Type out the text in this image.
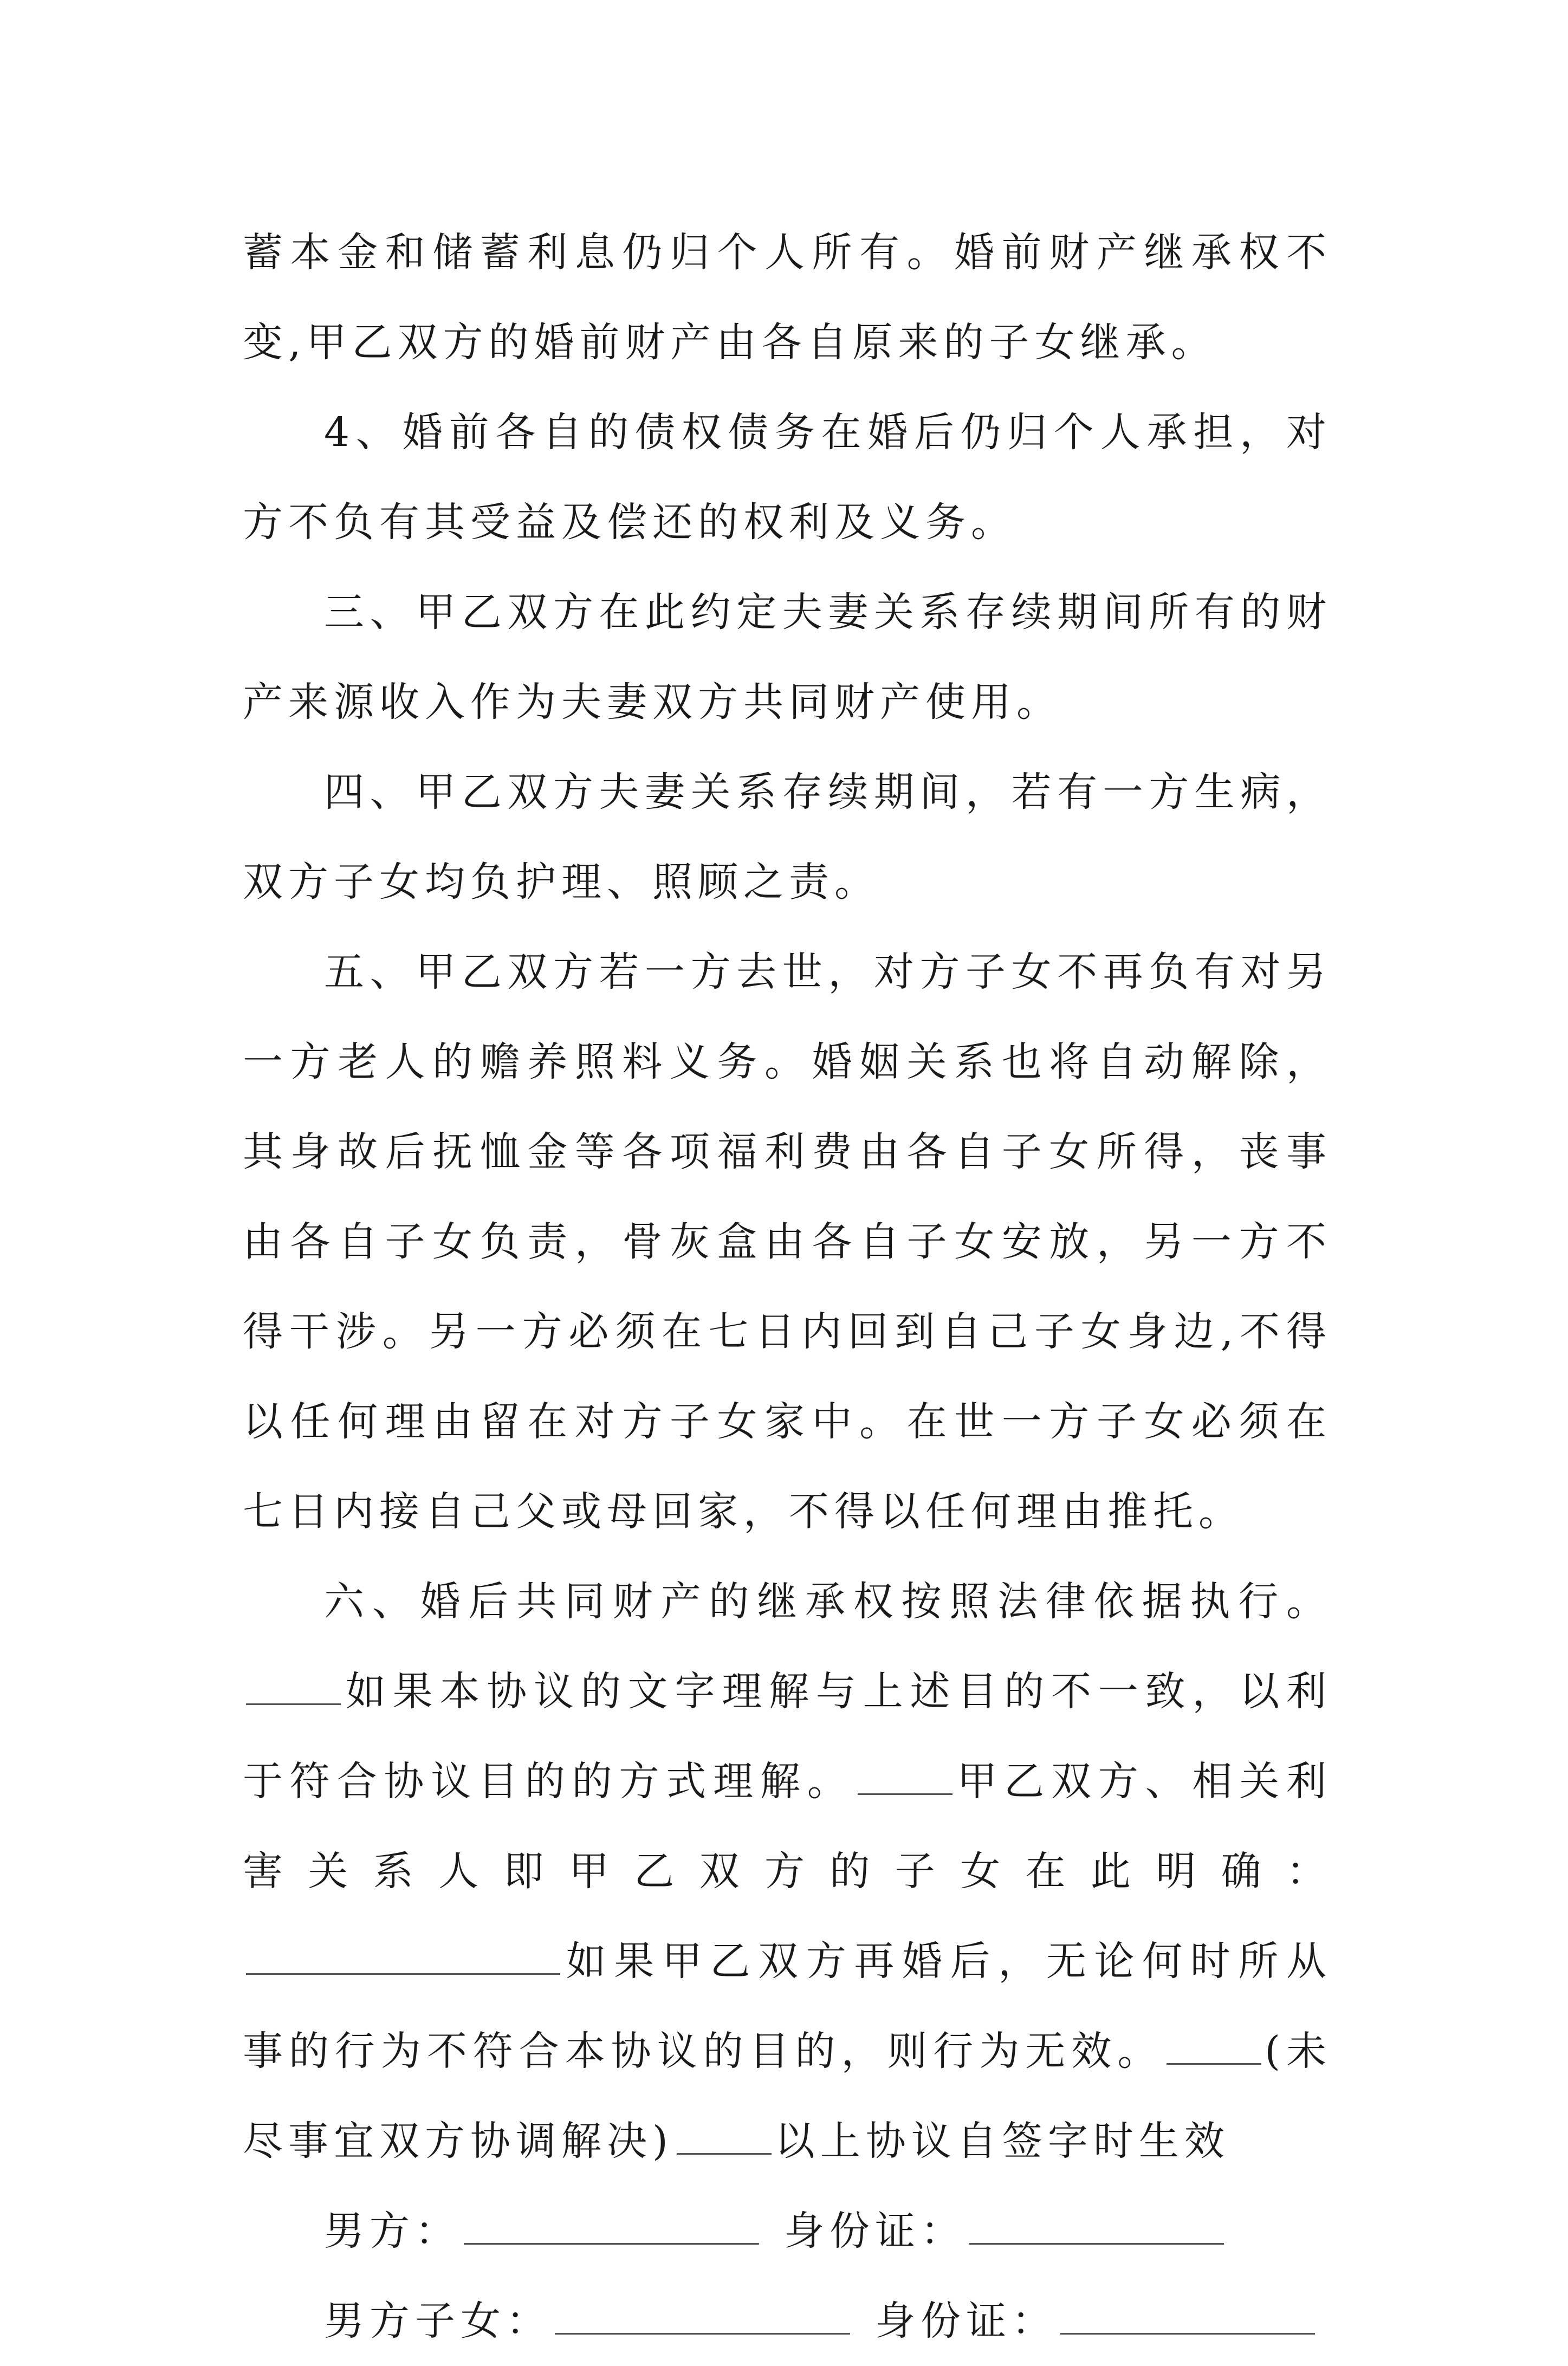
蓄本金和储蓄利息仍归个人所有。婚前财产继承权不变,甲乙双方的婚前财产由各自原来的子女继承。

4、婚前各自的债权债务在婚后仍归个人承担，对方不负有其受益及偿还的权利及义务。

三、甲乙双方在此约定夫妻关系存续期间所有的财产来源收入作为夫妻双方共同财产使用。

四、甲乙双方夫妻关系存续期间，若有一方生病，双方子女均负护理、照顾之责。

五、甲乙双方若一方去世，对方子女不再负有对另一方老人的赡养照料义务。婚姻关系也将自动解除，其身故后抚恤金等各项福利费由各自子女所得，丧事由各自子女负责，骨灰盒由各自子女安放，另一方不得干涉。另一方必须在七日内回到自己子女身边,不得以任何理由留在对方子女家中。在世一方子女必须在七日内接自己父或母回家，不得以任何理由推托。

六、婚后共同财产的继承权按照法律依据执行。如果本协议的文字理解与上述目的不一致，以利于符合协议目的的方式理解。	甲乙双方、相关利害关系人即甲乙双方的子女在此明确：如果甲乙双方再婚后，无论何时所从事的行为不符合本协议的目的，则行为无效。	(未尽事宜双方协调解决)	以上协议自签字时生效

男方：	身份证：

男方子女：	身份证：
